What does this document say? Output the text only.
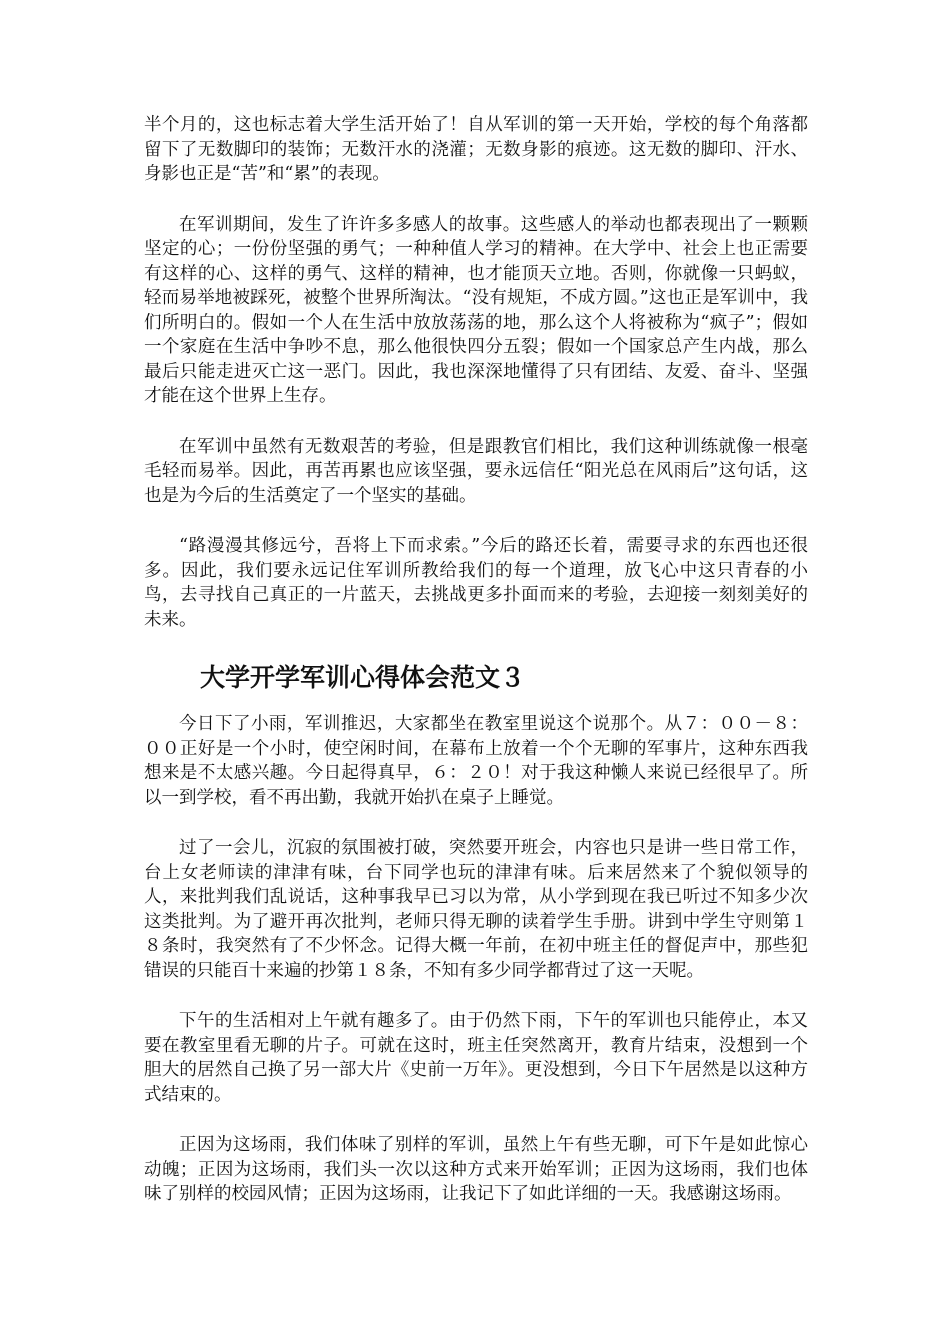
半个月的，这也标志着大学生活开始了！自从军训的第一天开始，学校的每个角落都留下了无数脚印的装饰；无数汗水的浇灌；无数身影的痕迹。这无数的脚印、汗水、身影也正是“苦”和“累”的表现。

在军训期间，发生了许许多多感人的故事。这些感人的举动也都表现出了一颗颗坚定的心；一份份坚强的勇气；一种种值人学习的精神。在大学中、社会上也正需要有这样的心、这样的勇气、这样的精神，也才能顶天立地。否则，你就像一只蚂蚁，轻而易举地被踩死，被整个世界所淘汰。“没有规矩，不成方圆。”这也正是军训中，我们所明白的。假如一个人在生活中放放荡荡的地，那么这个人将被称为“疯子”；假如一个家庭在生活中争吵不息，那么他很快四分五裂；假如一个国家总产生内战，那么最后只能走进灭亡这一恶门。因此，我也深深地懂得了只有团结、友爱、奋斗、坚强才能在这个世界上生存。

在军训中虽然有无数艰苦的考验，但是跟教官们相比，我们这种训练就像一根毫毛轻而易举。因此，再苦再累也应该坚强，要永远信任“阳光总在风雨后”这句话，这也是为今后的生活奠定了一个坚实的基础。

“路漫漫其修远兮，吾将上下而求索。”今后的路还长着，需要寻求的东西也还很多。因此，我们要永远记住军训所教给我们的每一个道理，放飞心中这只青春的小鸟，去寻找自己真正的一片蓝天，去挑战更多扑面而来的考验，去迎接一刻刻美好的未来。

大学开学军训心得体会范文３

今日下了小雨，军训推迟，大家都坐在教室里说这个说那个。从７：００－８：００正好是一个小时，使空闲时间，在幕布上放着一个个无聊的军事片，这种东西我想来是不太感兴趣。今日起得真早，６：２０！对于我这种懒人来说已经很早了。所以一到学校，看不再出勤，我就开始扒在桌子上睡觉。

过了一会儿，沉寂的氛围被打破，突然要开班会，内容也只是讲一些日常工作，台上女老师读的津津有味，台下同学也玩的津津有味。后来居然来了个貌似领导的人，来批判我们乱说话，这种事我早已习以为常，从小学到现在我已听过不知多少次这类批判。为了避开再次批判，老师只得无聊的读着学生手册。讲到中学生守则第１８条时，我突然有了不少怀念。记得大概一年前，在初中班主任的督促声中，那些犯错误的只能百十来遍的抄第１８条，不知有多少同学都背过了这一天呢。

下午的生活相对上午就有趣多了。由于仍然下雨，下午的军训也只能停止，本又要在教室里看无聊的片子。可就在这时，班主任突然离开，教育片结束，没想到一个胆大的居然自己换了另一部大片《史前一万年》。更没想到，今日下午居然是以这种方式结束的。

正因为这场雨，我们体味了别样的军训，虽然上午有些无聊，可下午是如此惊心动魄；正因为这场雨，我们头一次以这种方式来开始军训；正因为这场雨，我们也体味了别样的校园风情；正因为这场雨，让我记下了如此详细的一天。我感谢这场雨。
